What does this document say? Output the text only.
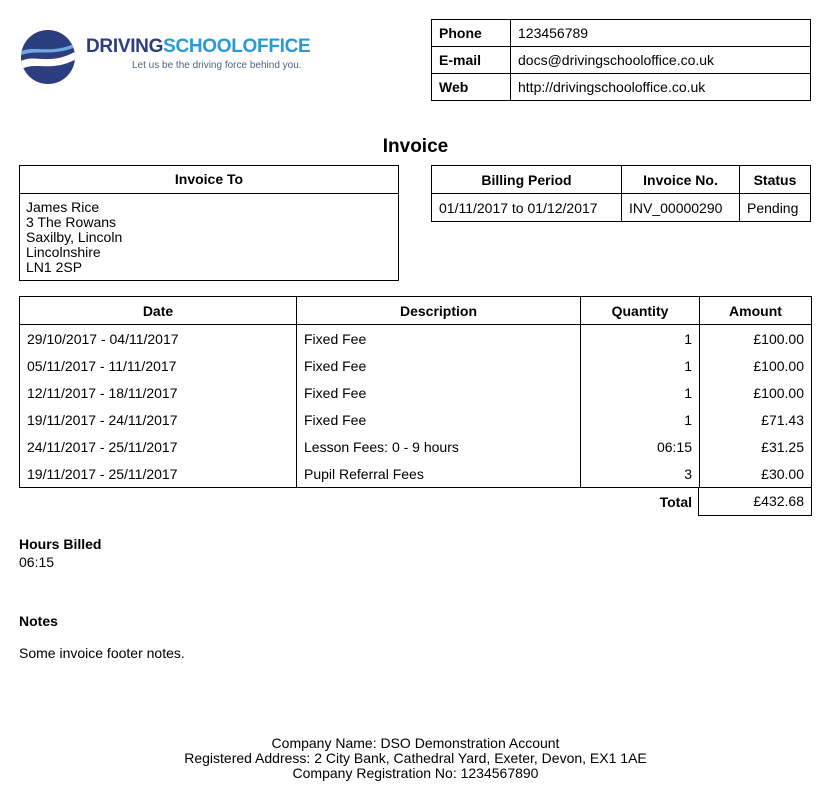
DRIVINGSCHOOLOFFICE
Let us be the driving force behind you.
Phone	123456789
E-mail	docs@drivingschooloffice.co.uk
Web	http://drivingschooloffice.co.uk
Invoice
Invoice To
James Rice
3 The Rowans
Saxilby, Lincoln
Lincolnshire
LN1 2SP
Billing Period	Invoice No.	Status
01/11/2017 to 01/12/2017	INV_00000290	Pending
Date	Description	Quantity	Amount
29/10/2017 - 04/11/2017	Fixed Fee	1	£100.00
05/11/2017 - 11/11/2017	Fixed Fee	1	£100.00
12/11/2017 - 18/11/2017	Fixed Fee	1	£100.00
19/11/2017 - 24/11/2017	Fixed Fee	1	£71.43
24/11/2017 - 25/11/2017	Lesson Fees: 0 - 9 hours	06:15	£31.25
19/11/2017 - 25/11/2017	Pupil Referral Fees	3	£30.00
Total	£432.68
Hours Billed
06:15
Notes
Some invoice footer notes.
Company Name: DSO Demonstration Account
Registered Address: 2 City Bank, Cathedral Yard, Exeter, Devon, EX1 1AE
Company Registration No: 1234567890
